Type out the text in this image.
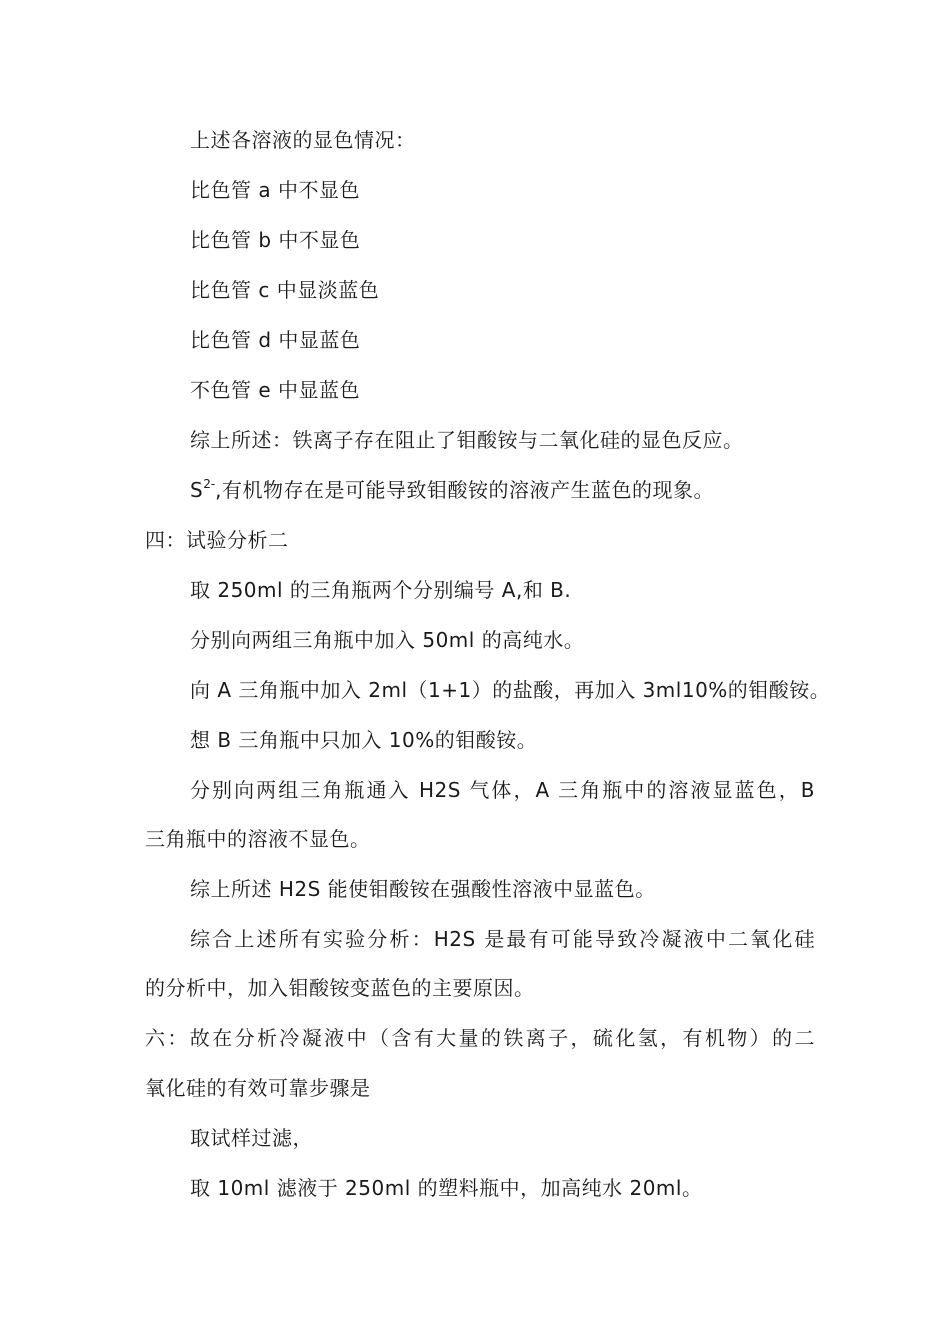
上述各溶液的显色情况：
比色管 a 中不显色
比色管 b 中不显色
比色管 c 中显淡蓝色
比色管 d 中显蓝色
不色管 e 中显蓝色
综上所述：铁离子存在阻止了钼酸铵与二氧化硅的显色反应。
$S^{2-}$,有机物存在是可能导致钼酸铵的溶液产生蓝色的现象。
四：试验分析二
取 250ml 的三角瓶两个分别编号 A,和 B.
分别向两组三角瓶中加入 50ml 的高纯水。
向 A 三角瓶中加入 2ml（1+1）的盐酸，再加入 3ml10%的钼酸铵。
想 B 三角瓶中只加入 10%的钼酸铵。
分别向两组三角瓶通入 H2S 气体，A 三角瓶中的溶液显蓝色，B
三角瓶中的溶液不显色。
综上所述 H2S 能使钼酸铵在强酸性溶液中显蓝色。
综合上述所有实验分析：H2S 是最有可能导致冷凝液中二氧化硅
的分析中，加入钼酸铵变蓝色的主要原因。
六：故在分析冷凝液中（含有大量的铁离子，硫化氢，有机物）的二
氧化硅的有效可靠步骤是
取试样过滤，
取 10ml 滤液于 250ml 的塑料瓶中，加高纯水 20ml。
